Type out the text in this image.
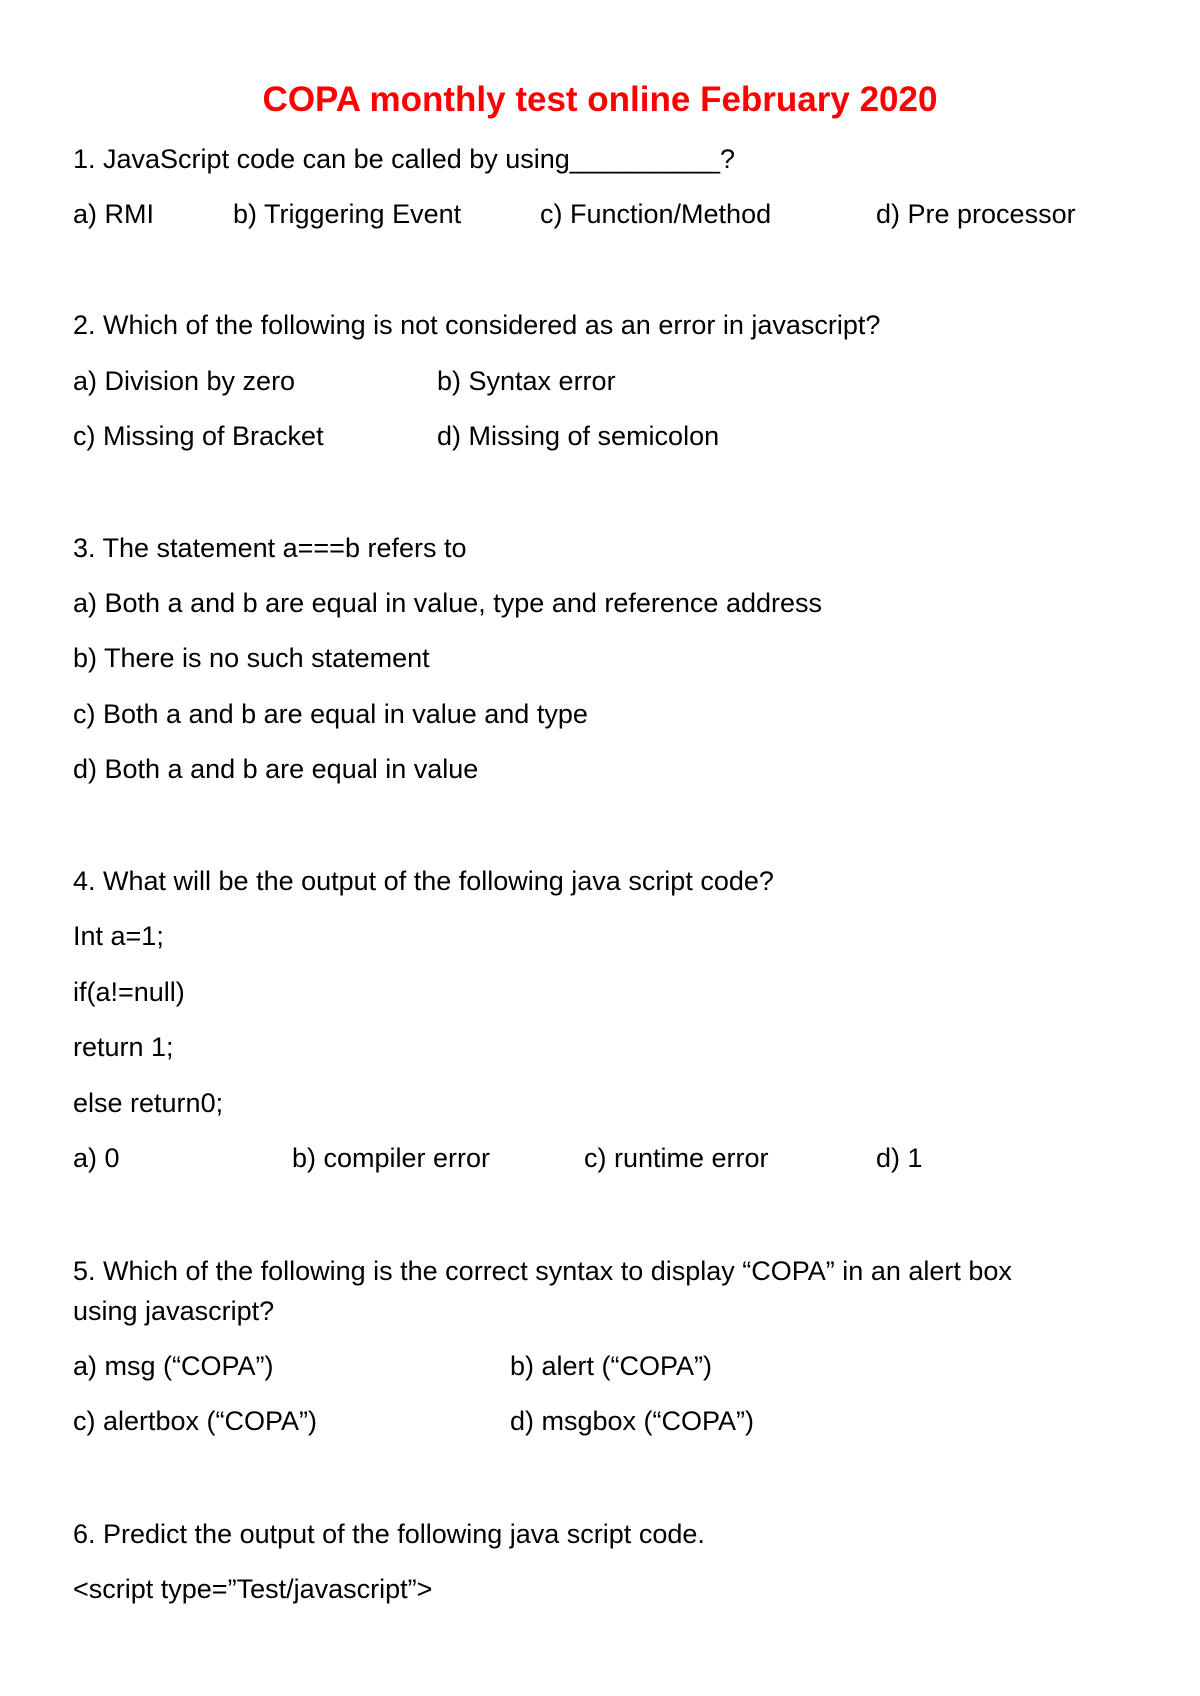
COPA monthly test online February 2020
1. JavaScript code can be called by using__________?
a) RMI	b) Triggering Event	c) Function/Method	d) Pre processor
2. Which of the following is not considered as an error in javascript?
a) Division by zero	b) Syntax error
c) Missing of Bracket	d) Missing of semicolon
3. The statement a===b refers to
a) Both a and b are equal in value, type and reference address
b) There is no such statement
c) Both a and b are equal in value and type
d) Both a and b are equal in value
4. What will be the output of the following java script code?
Int a=1;
if(a!=null)
return 1;
else return0;
a) 0	b) compiler error	c) runtime error	d) 1
5. Which of the following is the correct syntax to display “COPA” in an alert box
using javascript?
a) msg (“COPA”)	b) alert (“COPA”)
c) alertbox (“COPA”)	d) msgbox (“COPA”)
6. Predict the output of the following java script code.
<script type=”Test/javascript”>
